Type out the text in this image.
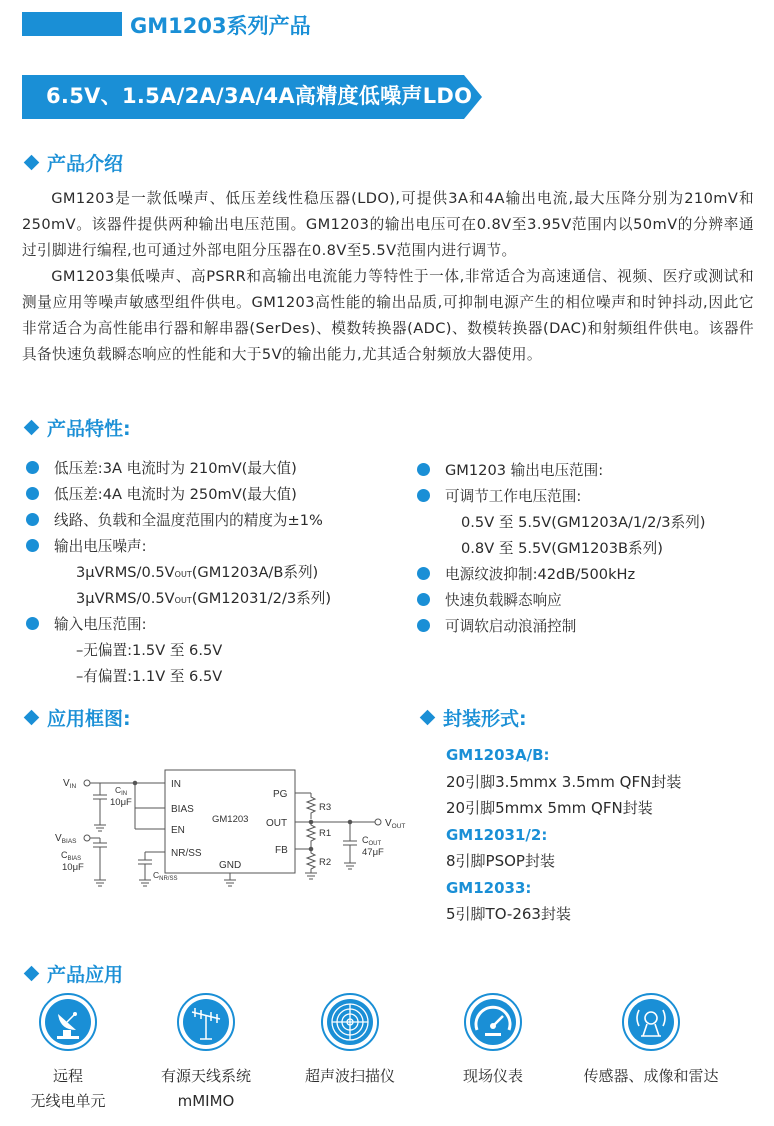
GM1203系列产品
6.5V、1.5A/2A/3A/4A高精度低噪声LDO
产品介绍

GM1203是一款低噪声、低压差线性稳压器(LDO),可提供3A和4A输出电流,最大压降分别为210mV和250mV。该器件提供两种输出电压范围。GM1203的输出电压可在0.8V至3.95V范围内以50mV的分辨率通过引脚进行编程,也可通过外部电阻分压器在0.8V至5.5V范围内进行调节。

GM1203集低噪声、高PSRR和高输出电流能力等特性于一体,非常适合为高速通信、视频、医疗或测试和测量应用等噪声敏感型组件供电。GM1203高性能的输出品质,可抑制电源产生的相位噪声和时钟抖动,因此它非常适合为高性能串行器和解串器(SerDes)、模数转换器(ADC)、数模转换器(DAC)和射频组件供电。该器件具备快速负载瞬态响应的性能和大于5V的输出能力,尤其适合射频放大器使用。

产品特性:
低压差:3A 电流时为 210mV(最大值)
低压差:4A 电流时为 250mV(最大值)
线路、负载和全温度范围内的精度为±1%
输出电压噪声:
3μVRMS/0.5VOUT(GM1203A/B系列)
3μVRMS/0.5VOUT(GM12031/2/3系列)
输入电压范围:
–无偏置:1.5V 至 6.5V
–有偏置:1.1V 至 6.5V
GM1203 输出电压范围:
可调节工作电压范围:
0.5V 至 5.5V(GM1203A/1/2/3系列)
0.8V 至 5.5V(GM1203B系列)
电源纹波抑制:42dB/500kHz
快速负载瞬态响应
可调软启动浪涌控制
应用框图:
IN
BIAS
EN
NR/SS
GND
PG
OUT
FB
GM1203
$V_{IN}$	$C_{IN}$
10μF
$V_{BIAS}$
$C_{BIAS}$
10μF
$C_{NR/SS}$
R3
R1
R2
$V_{OUT}$
$C_{OUT}$
47μF
封装形式:
GM1203A/B:
20引脚3.5mmx 3.5mm QFN封装
20引脚5mmx 5mm QFN封装
GM12031/2:
8引脚PSOP封装
GM12033:
5引脚TO-263封装
产品应用
远程
无线电单元
有源天线系统
mMIMO
超声波扫描仪	现场仪表	传感器、成像和雷达
